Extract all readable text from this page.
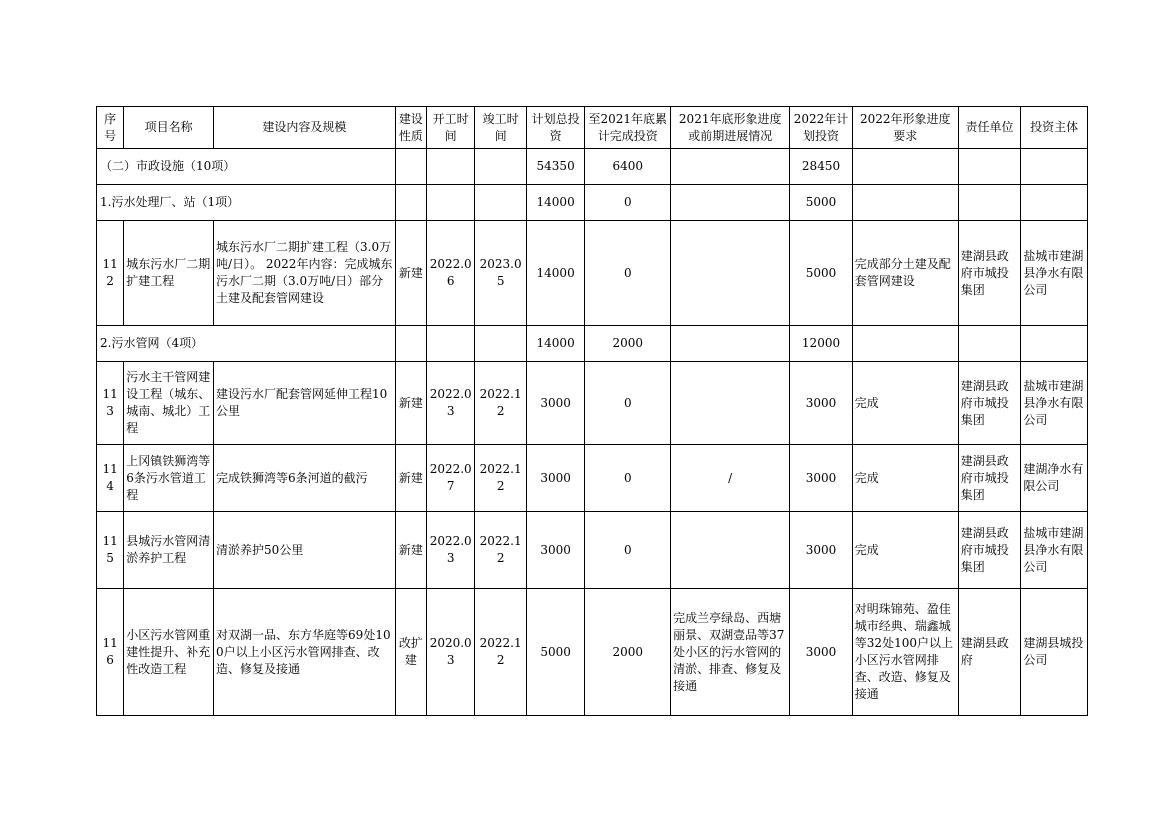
序号	项目名称	建设内容及规模	建设性质	开工时间	竣工时间	计划总投资	至2021年底累计完成投资	2021年底形象进度或前期进展情况	2022年计划投资	2022年形象进度要求	责任单位	投资主体
（二）市政设施（10项）						54350	6400		28450			
1.污水处理厂、站（1项）						14000	0		5000			
112	城东污水厂二期扩建工程	城东污水厂二期扩建工程（3.0万吨/日）。 2022年内容：完成城东污水厂二期（3.0万吨/日）部分土建及配套管网建设	新建	2022.06	2023.05	14000	0		5000	完成部分土建及配套管网建设	建湖县政府市城投集团	盐城市建湖县净水有限公司
2.污水管网（4项）						14000	2000		12000			
113	污水主干管网建设工程（城东、城南、城北）工程	建设污水厂配套管网延伸工程10公里	新建	2022.03	2022.12	3000	0		3000	完成	建湖县政府市城投集团	盐城市建湖县净水有限公司
114	上冈镇铁狮湾等6条污水管道工程	完成铁狮湾等6条河道的截污	新建	2022.07	2022.12	3000	0	/	3000	完成	建湖县政府市城投集团	建湖净水有限公司
115	县城污水管网清淤养护工程	清淤养护50公里	新建	2022.03	2022.12	3000	0		3000	完成	建湖县政府市城投集团	盐城市建湖县净水有限公司
116	小区污水管网重建性提升、补充性改造工程	对双湖一品、东方华庭等69处100户以上小区污水管网排查、改造、修复及接通	改扩建	2020.03	2022.12	5000	2000	完成兰亭绿岛、西塘丽景、双湖壹品等37处小区的污水管网的清淤、排查、修复及接通	3000	对明珠锦苑、盈佳城市经典、瑞鑫城等32处100户以上小区污水管网排查、改造、修复及接通	建湖县政府	建湖县城投公司
